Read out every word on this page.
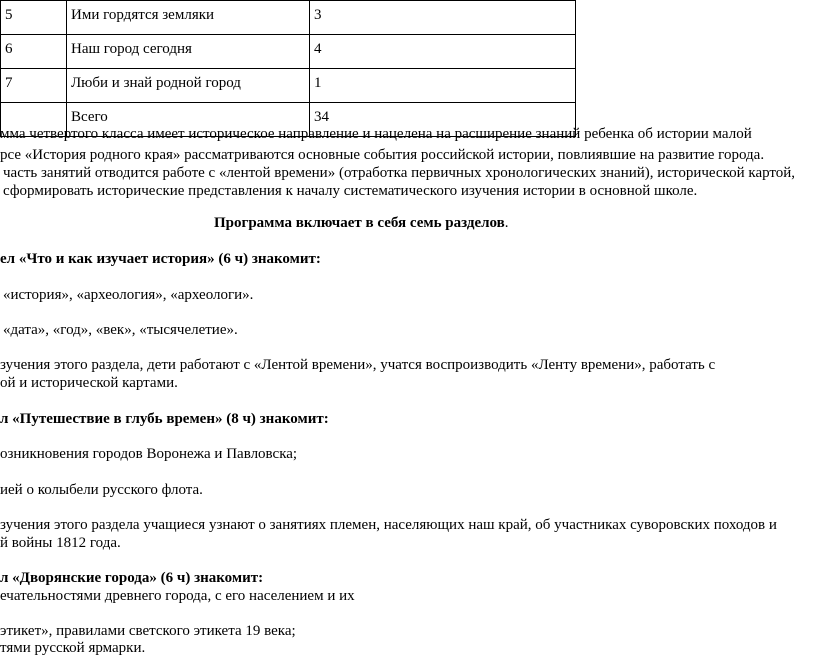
5	Ими гордятся земляки	3
6	Наш город сегодня	4
7	Люби и знай родной город	1
	Всего	34
мма четвертого класса имеет историческое направление и нацелена на расширение знаний ребенка об истории малой
рсе «История родного края» рассматриваются основные события российской истории, повлиявшие на развитие города.
часть занятий отводится работе с «лентой времени» (отработка первичных хронологических знаний), исторической картой,
сформировать исторические представления к началу систематического изучения истории в основной школе.
Программа включает в себя семь разделов.
ел «Что и как изучает история» (6 ч) знакомит:
«история», «археология», «археологи».
«дата», «год», «век», «тысячелетие».
зучения этого раздела, дети работают с «Лентой времени», учатся воспроизводить «Ленту времени», работать с
ой и исторической картами.
л «Путешествие в глубь времен» (8 ч) знакомит:
озникновения городов Воронежа и Павловска;
ией о колыбели русского флота.
зучения этого раздела учащиеся узнают о занятиях племен, населяющих наш край, об участниках суворовских походов и
й войны 1812 года.
л «Дворянские города» (6 ч) знакомит:
ечательностями древнего города, с его населением и их
этикет», правилами светского этикета 19 века;
тями русской ярмарки.
